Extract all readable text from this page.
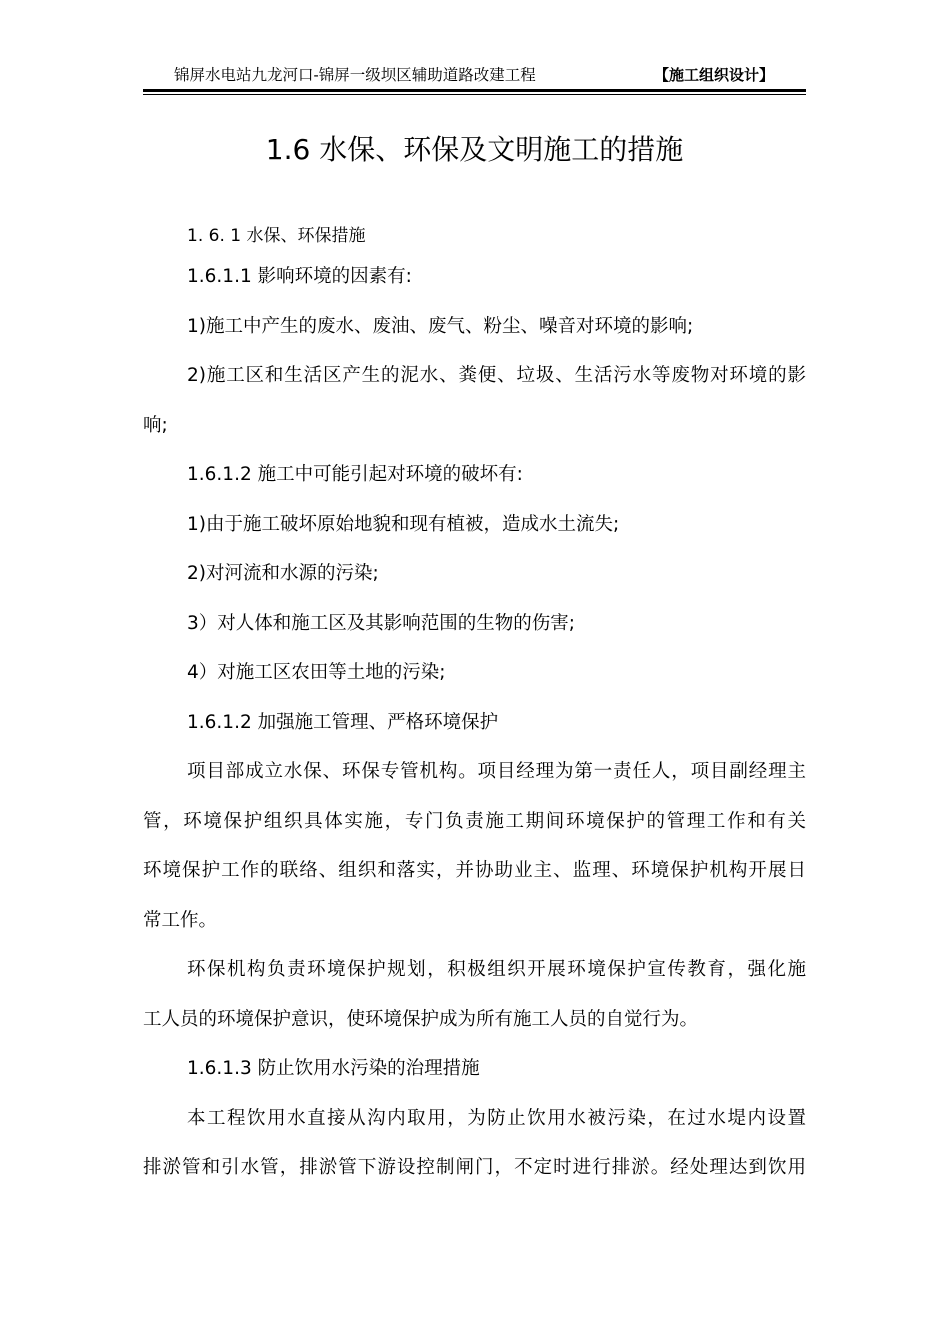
锦屏水电站九龙河口-锦屏一级坝区辅助道路改建工程	【施工组织设计】
1.6 水保、环保及文明施工的措施
1. 6. 1 水保、环保措施
1.6.1.1 影响环境的因素有:
1)施工中产生的废水、废油、废气、粉尘、噪音对环境的影响;
2)施工区和生活区产生的泥水、粪便、垃圾、生活污水等废物对环境的影
响;
1.6.1.2 施工中可能引起对环境的破坏有:
1)由于施工破坏原始地貌和现有植被，造成水土流失;
2)对河流和水源的污染;
3）对人体和施工区及其影响范围的生物的伤害;
4）对施工区农田等土地的污染;
1.6.1.2 加强施工管理、严格环境保护
项目部成立水保、环保专管机构。项目经理为第一责任人，项目副经理主
管，环境保护组织具体实施，专门负责施工期间环境保护的管理工作和有关
环境保护工作的联络、组织和落实，并协助业主、监理、环境保护机构开展日
常工作。
环保机构负责环境保护规划，积极组织开展环境保护宣传教育，强化施
工人员的环境保护意识，使环境保护成为所有施工人员的自觉行为。
1.6.1.3 防止饮用水污染的治理措施
本工程饮用水直接从沟内取用，为防止饮用水被污染，在过水堤内设置
排淤管和引水管，排淤管下游设控制闸门，不定时进行排淤。经处理达到饮用
